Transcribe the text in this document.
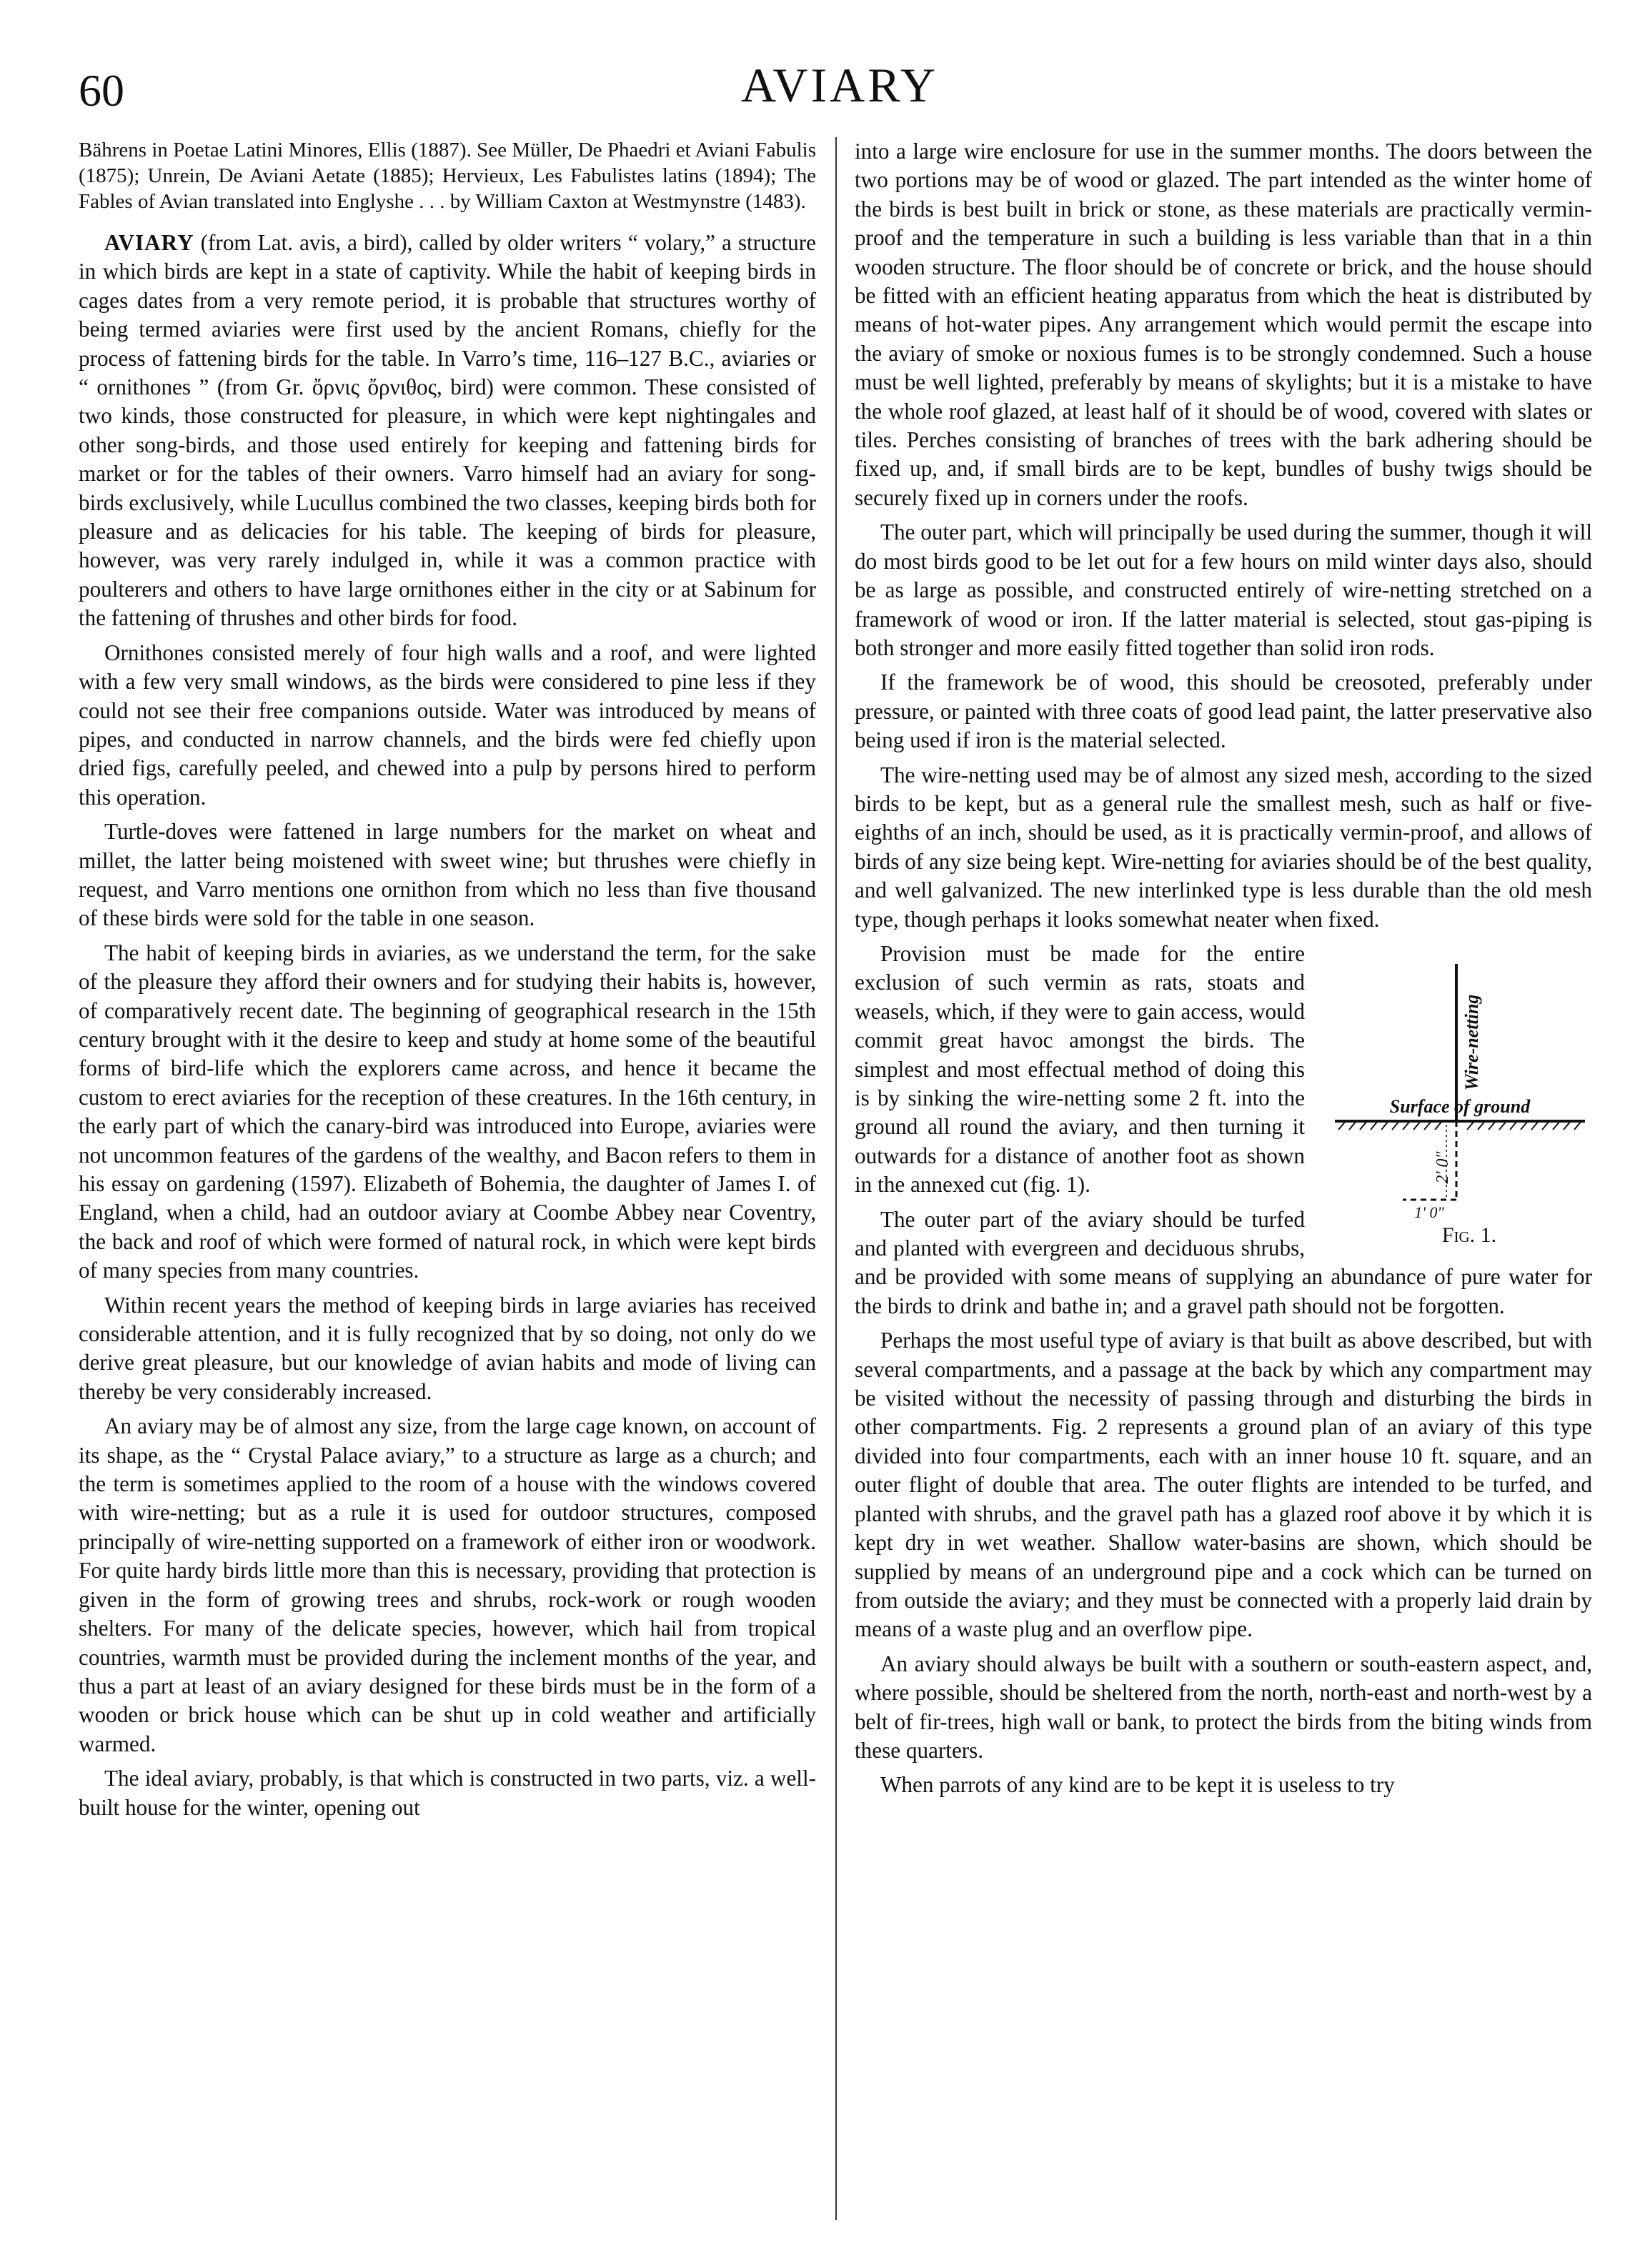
60	AVIARY

Bährens in Poetae Latini Minores, Ellis (1887). See Müller, De Phaedri et Aviani Fabulis (1875); Unrein, De Aviani Aetate (1885); Hervieux, Les Fabulistes latins (1894); The Fables of Avian translated into Englyshe . . . by William Caxton at Westmynstre (1483).

AVIARY (from Lat. avis, a bird), called by older writers “ volary,” a structure in which birds are kept in a state of captivity. While the habit of keeping birds in cages dates from a very remote period, it is probable that structures worthy of being termed aviaries were first used by the ancient Romans, chiefly for the process of fattening birds for the table. In Varro’s time, 116–127 B.C., aviaries or “ ornithones ” (from Gr. ὄρνις ὄρνιθος, bird) were common. These consisted of two kinds, those constructed for pleasure, in which were kept nightingales and other song-birds, and those used entirely for keeping and fattening birds for market or for the tables of their owners. Varro himself had an aviary for song-birds exclusively, while Lucullus combined the two classes, keeping birds both for pleasure and as delicacies for his table. The keeping of birds for pleasure, however, was very rarely indulged in, while it was a common practice with poulterers and others to have large ornithones either in the city or at Sabinum for the fattening of thrushes and other birds for food.

Ornithones consisted merely of four high walls and a roof, and were lighted with a few very small windows, as the birds were considered to pine less if they could not see their free companions outside. Water was introduced by means of pipes, and conducted in narrow channels, and the birds were fed chiefly upon dried figs, carefully peeled, and chewed into a pulp by persons hired to perform this operation.

Turtle-doves were fattened in large numbers for the market on wheat and millet, the latter being moistened with sweet wine; but thrushes were chiefly in request, and Varro mentions one ornithon from which no less than five thousand of these birds were sold for the table in one season.

The habit of keeping birds in aviaries, as we understand the term, for the sake of the pleasure they afford their owners and for studying their habits is, however, of comparatively recent date. The beginning of geographical research in the 15th century brought with it the desire to keep and study at home some of the beautiful forms of bird-life which the explorers came across, and hence it became the custom to erect aviaries for the reception of these creatures. In the 16th century, in the early part of which the canary-bird was introduced into Europe, aviaries were not uncommon features of the gardens of the wealthy, and Bacon refers to them in his essay on gardening (1597). Elizabeth of Bohemia, the daughter of James I. of England, when a child, had an outdoor aviary at Coombe Abbey near Coventry, the back and roof of which were formed of natural rock, in which were kept birds of many species from many countries.

Within recent years the method of keeping birds in large aviaries has received considerable attention, and it is fully recognized that by so doing, not only do we derive great pleasure, but our knowledge of avian habits and mode of living can thereby be very considerably increased.

An aviary may be of almost any size, from the large cage known, on account of its shape, as the “ Crystal Palace aviary,” to a structure as large as a church; and the term is sometimes applied to the room of a house with the windows covered with wire-netting; but as a rule it is used for outdoor structures, composed principally of wire-netting supported on a framework of either iron or woodwork. For quite hardy birds little more than this is necessary, providing that protection is given in the form of growing trees and shrubs, rock-work or rough wooden shelters. For many of the delicate species, however, which hail from tropical countries, warmth must be provided during the inclement months of the year, and thus a part at least of an aviary designed for these birds must be in the form of a wooden or brick house which can be shut up in cold weather and artificially warmed.

The ideal aviary, probably, is that which is constructed in two parts, viz. a well-built house for the winter, opening out

into a large wire enclosure for use in the summer months. The doors between the two portions may be of wood or glazed. The part intended as the winter home of the birds is best built in brick or stone, as these materials are practically vermin-proof and the temperature in such a building is less variable than that in a thin wooden structure. The floor should be of concrete or brick, and the house should be fitted with an efficient heating apparatus from which the heat is distributed by means of hot-water pipes. Any arrangement which would permit the escape into the aviary of smoke or noxious fumes is to be strongly condemned. Such a house must be well lighted, preferably by means of skylights; but it is a mistake to have the whole roof glazed, at least half of it should be of wood, covered with slates or tiles. Perches consisting of branches of trees with the bark adhering should be fixed up, and, if small birds are to be kept, bundles of bushy twigs should be securely fixed up in corners under the roofs.

The outer part, which will principally be used during the summer, though it will do most birds good to be let out for a few hours on mild winter days also, should be as large as possible, and constructed entirely of wire-netting stretched on a framework of wood or iron. If the latter material is selected, stout gas-piping is both stronger and more easily fitted together than solid iron rods.

If the framework be of wood, this should be creosoted, preferably under pressure, or painted with three coats of good lead paint, the latter preservative also being used if iron is the material selected.

The wire-netting used may be of almost any sized mesh, according to the sized birds to be kept, but as a general rule the smallest mesh, such as half or five-eighths of an inch, should be used, as it is practically vermin-proof, and allows of birds of any size being kept. Wire-netting for aviaries should be of the best quality, and well galvanized. The new interlinked type is less durable than the old mesh type, though perhaps it looks somewhat neater when fixed.

2' 0"
1' 0"
Wire-netting
Surface of ground
Fig. 1.
Provision must be made for the entire exclusion of such vermin as rats, stoats and weasels, which, if they were to gain access, would commit great havoc amongst the birds. The simplest and most effectual method of doing this is by sinking the wire-netting some 2 ft. into the ground all round the aviary, and then turning it outwards for a distance of another foot as shown in the annexed cut (fig. 1).

The outer part of the aviary should be turfed and planted with evergreen and deciduous shrubs, and be provided with some means of supplying an abundance of pure water for the birds to drink and bathe in; and a gravel path should not be forgotten.

Perhaps the most useful type of aviary is that built as above described, but with several compartments, and a passage at the back by which any compartment may be visited without the necessity of passing through and disturbing the birds in other compartments. Fig. 2 represents a ground plan of an aviary of this type divided into four compartments, each with an inner house 10 ft. square, and an outer flight of double that area. The outer flights are intended to be turfed, and planted with shrubs, and the gravel path has a glazed roof above it by which it is kept dry in wet weather. Shallow water-basins are shown, which should be supplied by means of an underground pipe and a cock which can be turned on from outside the aviary; and they must be connected with a properly laid drain by means of a waste plug and an overflow pipe.

An aviary should always be built with a southern or south-eastern aspect, and, where possible, should be sheltered from the north, north-east and north-west by a belt of fir-trees, high wall or bank, to protect the birds from the biting winds from these quarters.

When parrots of any kind are to be kept it is useless to try
